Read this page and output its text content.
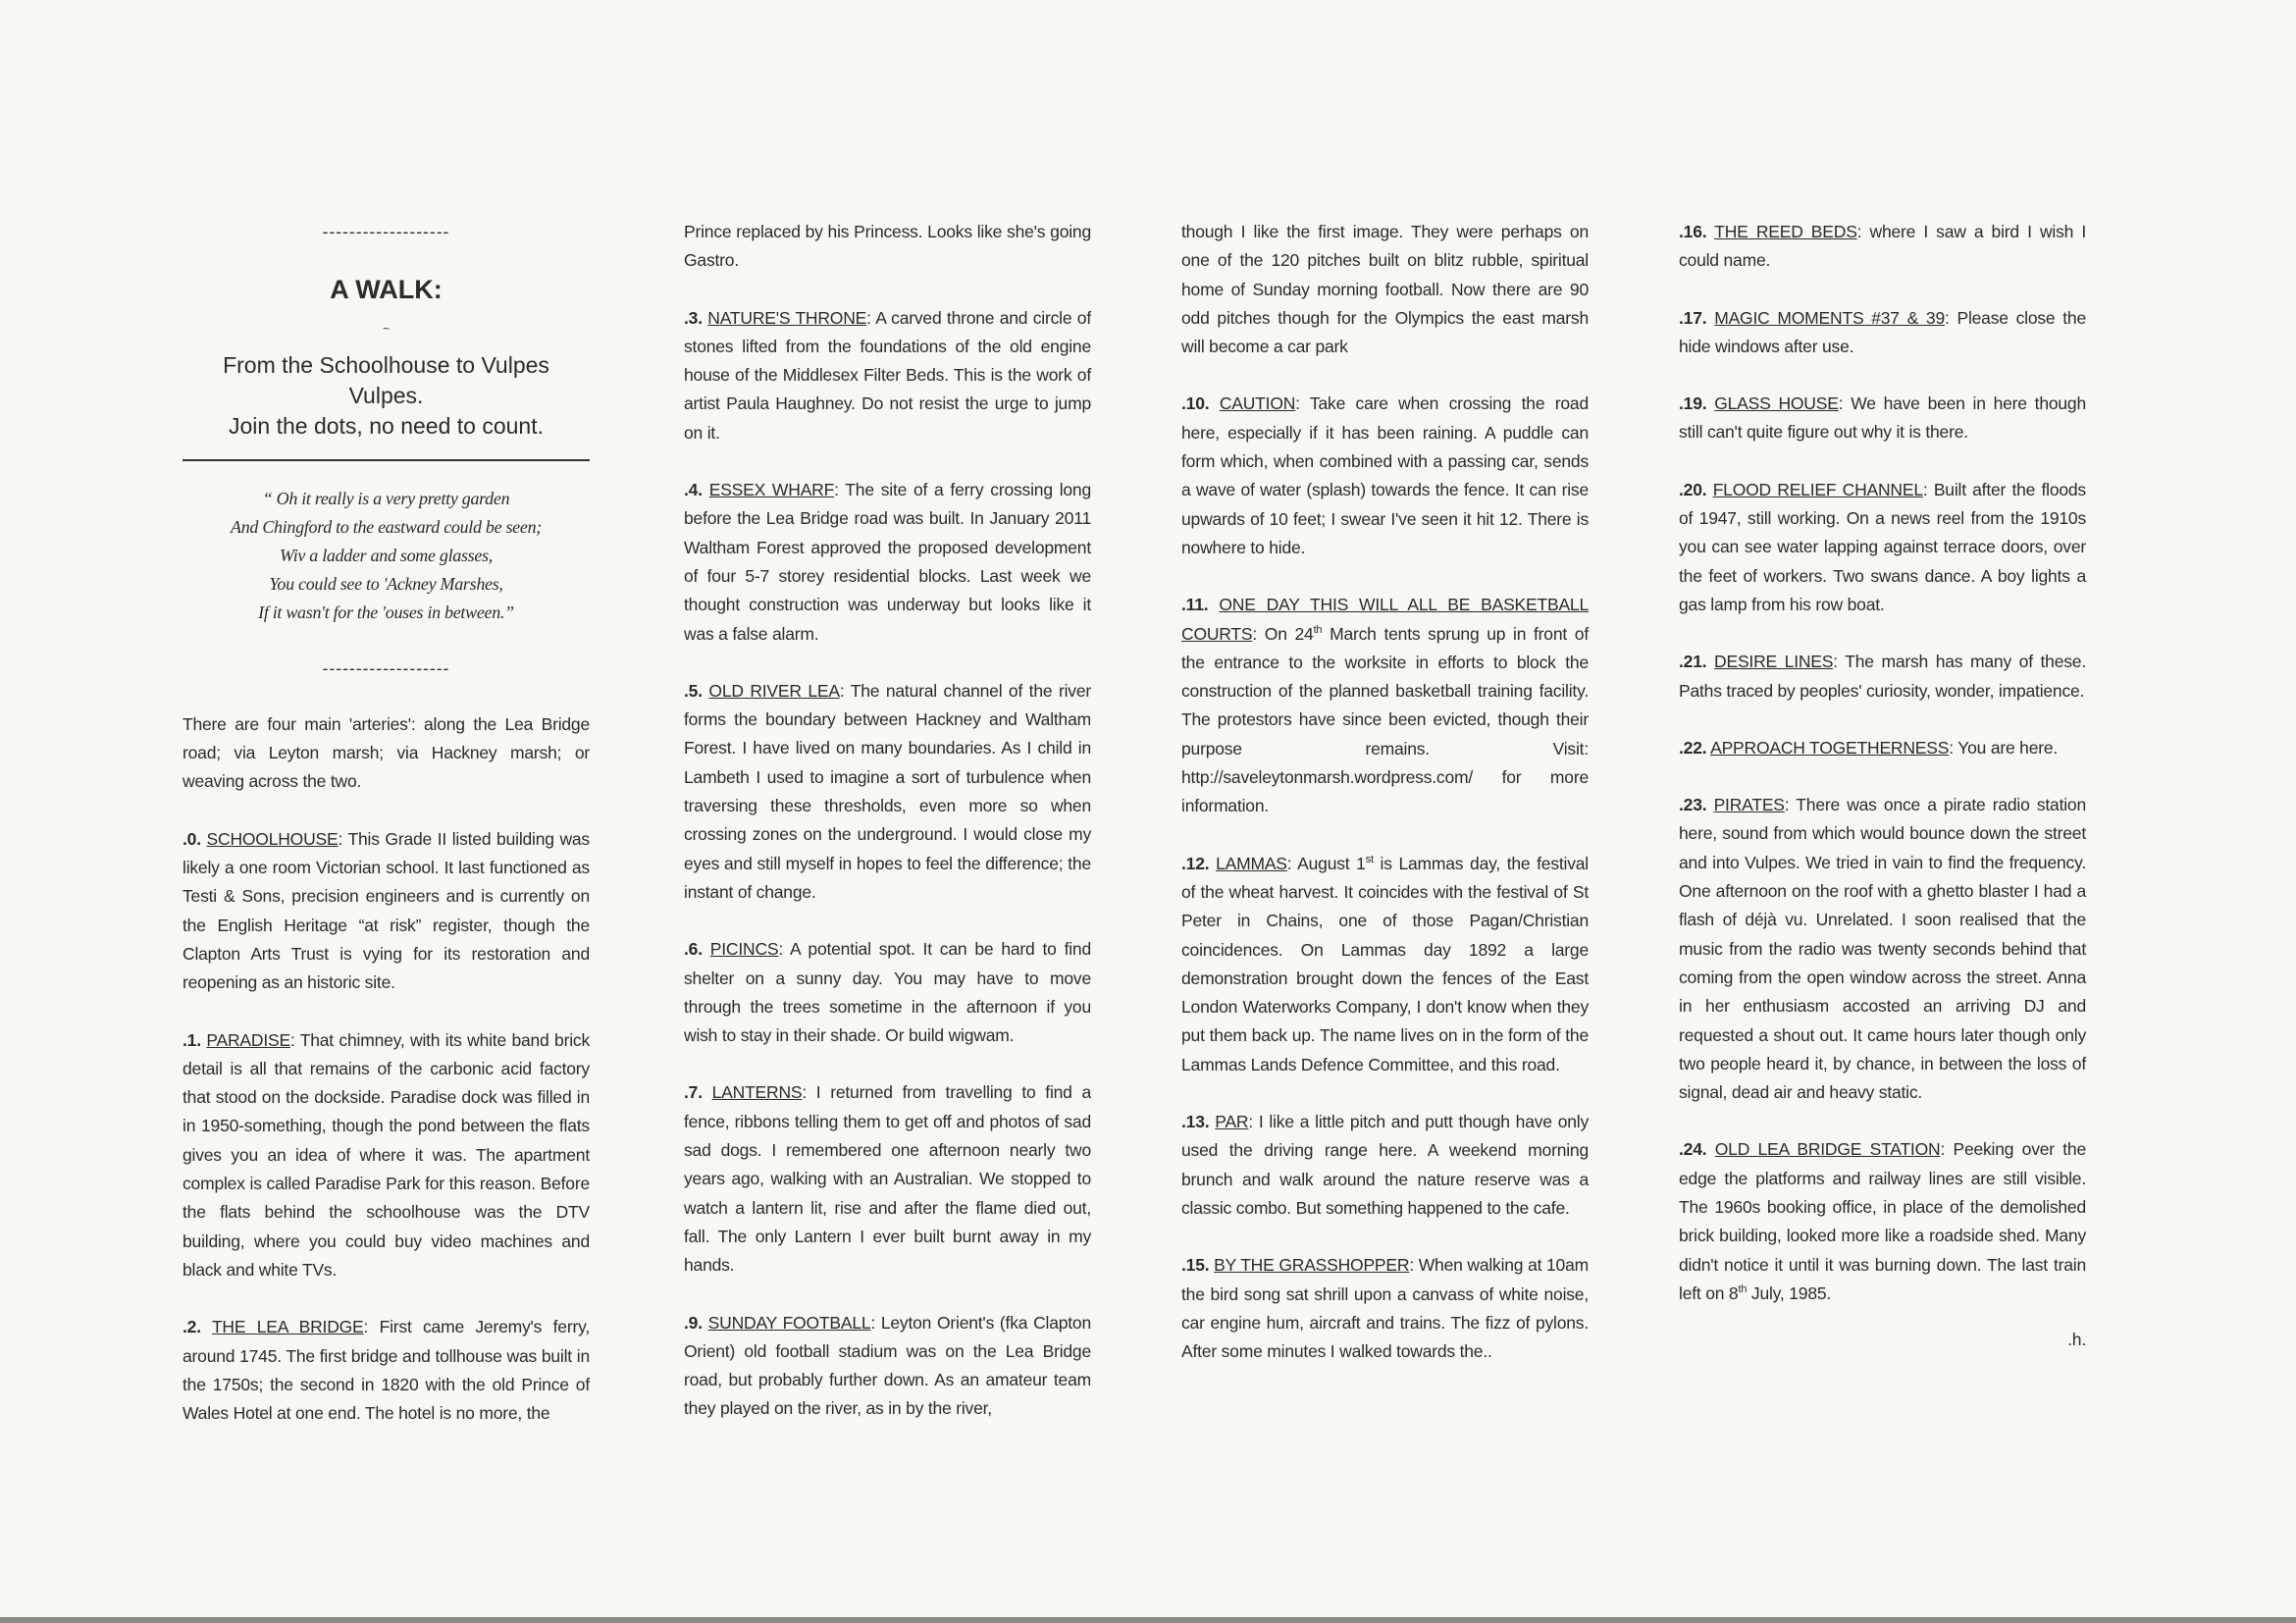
-------------------
A WALK:
~
From the Schoolhouse to Vulpes Vulpes.
Join the dots, no need to count.
“ Oh it really is a very pretty garden
And Chingford to the eastward could be seen;
Wiv a ladder and some glasses,
You could see to 'Ackney Marshes,
If it wasn't for the 'ouses in between.”
-------------------

There are four main 'arteries': along the Lea Bridge road; via Leyton marsh; via Hackney marsh; or weaving across the two.

.0. SCHOOLHOUSE: This Grade II listed building was likely a one room Victorian school. It last functioned as Testi & Sons, precision engineers and is currently on the English Heritage “at risk” register, though the Clapton Arts Trust is vying for its restoration and reopening as an historic site.

.1. PARADISE: That chimney, with its white band brick detail is all that remains of the carbonic acid factory that stood on the dockside. Paradise dock was filled in in 1950-something, though the pond between the flats gives you an idea of where it was. The apartment complex is called Paradise Park for this reason. Before the flats behind the schoolhouse was the DTV building, where you could buy video machines and black and white TVs.

.2. THE LEA BRIDGE: First came Jeremy's ferry, around 1745. The first bridge and tollhouse was built in the 1750s; the second in 1820 with the old Prince of Wales Hotel at one end. The hotel is no more, the

Prince replaced by his Princess. Looks like she's going Gastro.

.3. NATURE'S THRONE: A carved throne and circle of stones lifted from the foundations of the old engine house of the Middlesex Filter Beds. This is the work of artist Paula Haughney. Do not resist the urge to jump on it.

.4. ESSEX WHARF: The site of a ferry crossing long before the Lea Bridge road was built. In January 2011 Waltham Forest approved the proposed development of four 5-7 storey residential blocks. Last week we thought construction was underway but looks like it was a false alarm.

.5. OLD RIVER LEA: The natural channel of the river forms the boundary between Hackney and Waltham Forest. I have lived on many boundaries. As I child in Lambeth I used to imagine a sort of turbulence when traversing these thresholds, even more so when crossing zones on the underground. I would close my eyes and still myself in hopes to feel the difference; the instant of change.

.6. PICINCS: A potential spot. It can be hard to find shelter on a sunny day. You may have to move through the trees sometime in the afternoon if you wish to stay in their shade. Or build wigwam.

.7. LANTERNS: I returned from travelling to find a fence, ribbons telling them to get off and photos of sad sad dogs. I remembered one afternoon nearly two years ago, walking with an Australian. We stopped to watch a lantern lit, rise and after the flame died out, fall. The only Lantern I ever built burnt away in my hands.

.9. SUNDAY FOOTBALL: Leyton Orient's (fka Clapton Orient) old football stadium was on the Lea Bridge road, but probably further down. As an amateur team they played on the river, as in by the river,

though I like the first image. They were perhaps on one of the 120 pitches built on blitz rubble, spiritual home of Sunday morning football. Now there are 90 odd pitches though for the Olympics the east marsh will become a car park

.10. CAUTION: Take care when crossing the road here, especially if it has been raining. A puddle can form which, when combined with a passing car, sends a wave of water (splash) towards the fence. It can rise upwards of 10 feet; I swear I've seen it hit 12. There is nowhere to hide.

.11. ONE DAY THIS WILL ALL BE BASKETBALL COURTS: On 24th March tents sprung up in front of the entrance to the worksite in efforts to block the construction of the planned basketball training facility. The protestors have since been evicted, though their purpose remains. Visit: http://saveleytonmarsh.wordpress.com/ for more information.

.12. LAMMAS: August 1st is Lammas day, the festival of the wheat harvest. It coincides with the festival of St Peter in Chains, one of those Pagan/Christian coincidences. On Lammas day 1892 a large demonstration brought down the fences of the East London Waterworks Company, I don't know when they put them back up. The name lives on in the form of the Lammas Lands Defence Committee, and this road.

.13. PAR: I like a little pitch and putt though have only used the driving range here. A weekend morning brunch and walk around the nature reserve was a classic combo. But something happened to the cafe.

.15. BY THE GRASSHOPPER: When walking at 10am the bird song sat shrill upon a canvass of white noise, car engine hum, aircraft and trains. The fizz of pylons. After some minutes I walked towards the..

.16. THE REED BEDS: where I saw a bird I wish I could name.

.17. MAGIC MOMENTS #37 & 39: Please close the hide windows after use.

.19. GLASS HOUSE: We have been in here though still can't quite figure out why it is there.

.20. FLOOD RELIEF CHANNEL: Built after the floods of 1947, still working. On a news reel from the 1910s you can see water lapping against terrace doors, over the feet of workers. Two swans dance. A boy lights a gas lamp from his row boat.

.21. DESIRE LINES: The marsh has many of these. Paths traced by peoples' curiosity, wonder, impatience.

.22. APPROACH TOGETHERNESS: You are here.

.23. PIRATES: There was once a pirate radio station here, sound from which would bounce down the street and into Vulpes. We tried in vain to find the frequency. One afternoon on the roof with a ghetto blaster I had a flash of déjà vu. Unrelated. I soon realised that the music from the radio was twenty seconds behind that coming from the open window across the street. Anna in her enthusiasm accosted an arriving DJ and requested a shout out. It came hours later though only two people heard it, by chance, in between the loss of signal, dead air and heavy static.

.24. OLD LEA BRIDGE STATION: Peeking over the edge the platforms and railway lines are still visible. The 1960s booking office, in place of the demolished brick building, looked more like a roadside shed. Many didn't notice it until it was burning down. The last train left on 8th July, 1985.

.h.
